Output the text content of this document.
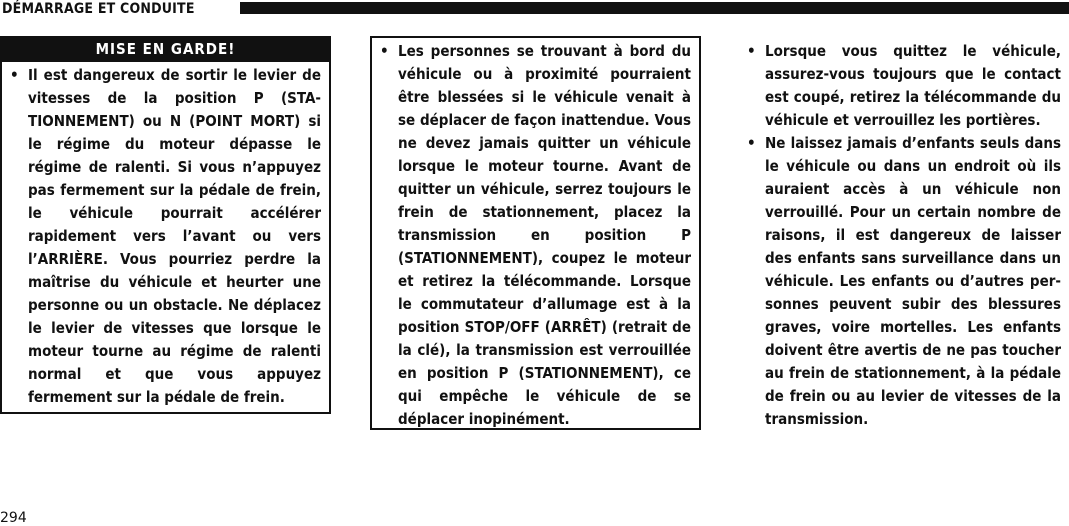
DÉMARRAGE ET CONDUITE
MISE EN GARDE!

• Il est dangereux de sortir le levier de vitesses de la position P (STATIONNEMENT) ou N (POINT MORT) si le régime du moteur dépasse le régime de ralenti. Si vous n’appuyez pas fermement sur la pédale de frein, le véhicule pourrait accélérer rapidement vers l’avant ou vers l’ARRIÈRE. Vous pourriez perdre la maîtrise du véhicule et heurter une personne ou un obstacle. Ne déplacez le levier de vitesses que lorsque le moteur tourne au régime de ralenti normal et que vous appuyez fermement sur la pédale de frein.

• Les personnes se trouvant à bord du véhicule ou à proximité pourraient être blessées si le véhicule venait à se déplacer de façon inattendue. Vous ne devez jamais quitter un véhicule lorsque le moteur tourne. Avant de quitter un véhicule, serrez toujours le frein de stationnement, placez la transmission en position P (STATIONNEMENT), coupez le moteur et retirez la télécommande. Lorsque le commutateur d’allumage est à la position STOP/OFF (ARRÊT) (retrait de la clé), la transmission est verrouillée en position P (STATIONNEMENT), ce qui empêche le véhicule de se déplacer inopinément.

• Lorsque vous quittez le véhicule, assurez-vous toujours que le contact est coupé, retirez la télécommande du véhicule et verrouillez les portières.

• Ne laissez jamais d’enfants seuls dans le véhicule ou dans un endroit où ils auraient accès à un véhicule non verrouillé. Pour un certain nombre de raisons, il est dangereux de laisser des enfants sans surveillance dans un véhicule. Les enfants ou d’autres personnes peuvent subir des blessures graves, voire mortelles. Les enfants doivent être avertis de ne pas toucher au frein de stationnement, à la pédale de frein ou au levier de vitesses de la transmission.

294
